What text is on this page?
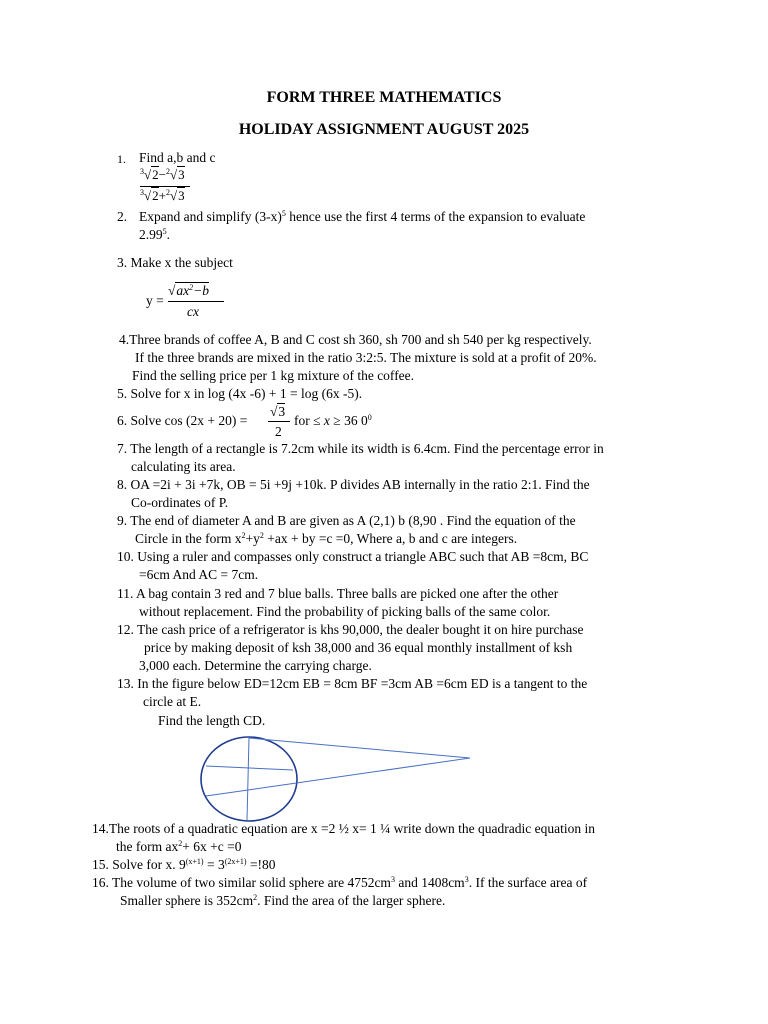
FORM THREE MATHEMATICS
HOLIDAY ASSIGNMENT AUGUST 2025
1. Find a,b and c
$^3$√2−$^2$√3
$^3$√2+$^2$√3
2. Expand and simplify $(3-x)^5$ hence use the first 4 terms of the expansion to evaluate
2.99$^5$.
3. Make x the subject
y =
$√ax^2-b$
cx
4.Three brands of coffee A, B and C cost sh 360, sh 700 and sh 540 per kg respectively.
If the three brands are mixed in the ratio 3:2:5. The mixture is sold at a profit of 20%.
Find the selling price per 1 kg mixture of the coffee.
5. Solve for x in log (4x -6) + 1 = log (6x -5).
6. Solve cos (2x + 20) =
√3
2
for ≤ x ≥ 36 $0^0$
7. The length of a rectangle is 7.2cm while its width is 6.4cm. Find the percentage error in
calculating its area.
8. OA =2i + 3i +7k, OB = 5i +9j +10k. P divides AB internally in the ratio 2:1. Find the
Co-ordinates of P.
9. The end of diameter A and B are given as A (2,1) b (8,90 . Find the equation of the
Circle in the form $x^2+y^2 +ax$ + by =c =0, Where a, b and c are integers.
10. Using a ruler and compasses only construct a triangle ABC such that AB =8cm, BC
=6cm And AC = 7cm.
11. A bag contain 3 red and 7 blue balls. Three balls are picked one after the other
without replacement. Find the probability of picking balls of the same color.
12. The cash price of a refrigerator is khs 90,000, the dealer bought it on hire purchase
price by making deposit of ksh 38,000 and 36 equal monthly installment of ksh
3,000 each. Determine the carrying charge.
13. In the figure below ED=12cm EB = 8cm BF =3cm AB =6cm ED is a tangent to the
circle at E.
Find the length CD.
14.The roots of a quadratic equation are x =2 ½ x= 1 ¼ write down the quadradic equation in
the form $ax^2+ 6x +c =0$
15. Solve for x. $9^{(x+1)} = 3^{(2x+1)} =!80$
16. The volume of two similar solid sphere are $4752cm^3$ and $1408cm^3$. If the surface area of
Smaller sphere is $352cm^2$. Find the area of the larger sphere.
